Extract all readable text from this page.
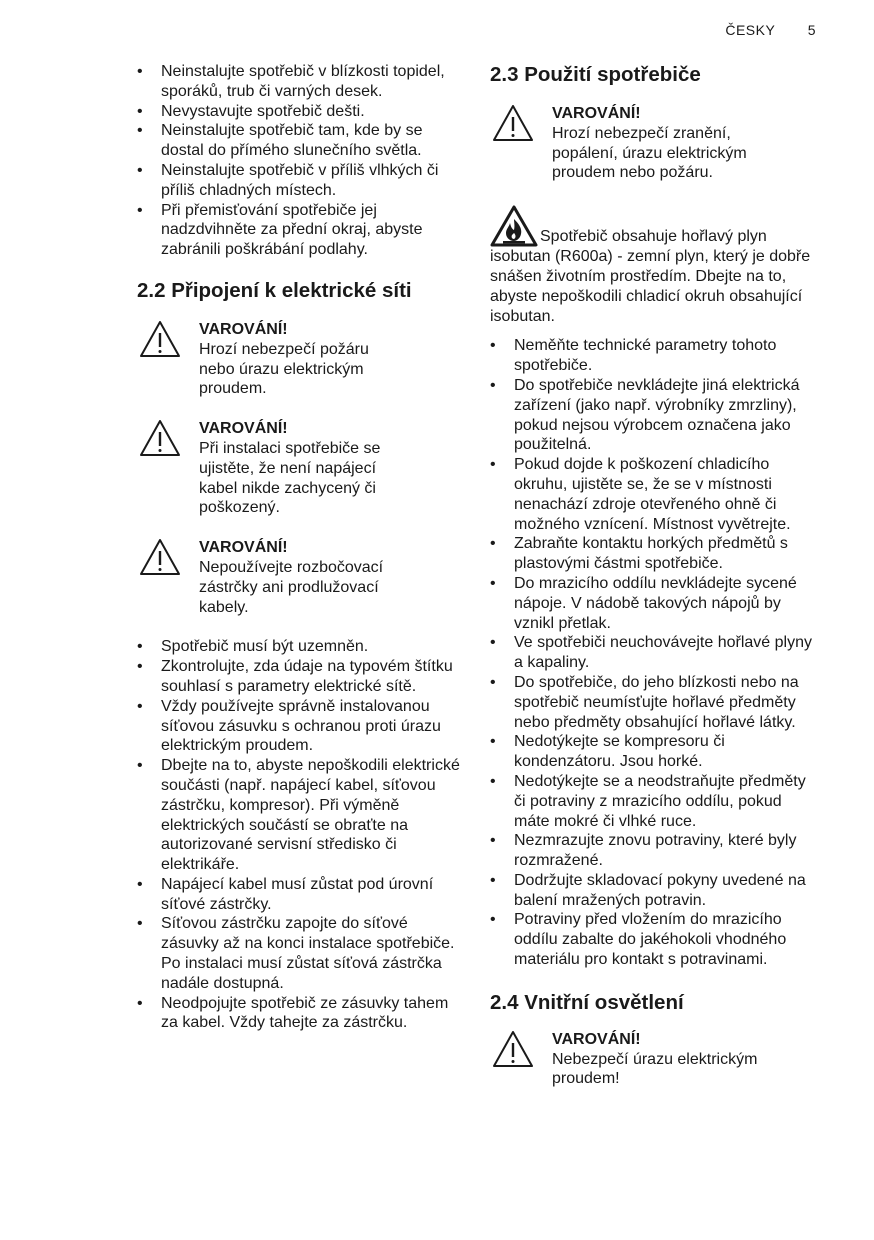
ČESKY 5
• Neinstalujte spotřebič v blízkosti topidel, sporáků, trub či varných desek.
• Nevystavujte spotřebič dešti.
• Neinstalujte spotřebič tam, kde by se dostal do přímého slunečního světla.
• Neinstalujte spotřebič v příliš vlhkých či příliš chladných místech.
• Při přemisťování spotřebiče jej nadzdvihněte za přední okraj, abyste zabránili poškrábání podlahy.
2.2 Připojení k elektrické síti
VAROVÁNÍ!
Hrozí nebezpečí požáru nebo úrazu elektrickým proudem.
VAROVÁNÍ!
Při instalaci spotřebiče se ujistěte, že není napájecí kabel nikde zachycený či poškozený.
VAROVÁNÍ!
Nepoužívejte rozbočovací zástrčky ani prodlužovací kabely.
• Spotřebič musí být uzemněn.
• Zkontrolujte, zda údaje na typovém štítku souhlasí s parametry elektrické sítě.
• Vždy používejte správně instalovanou síťovou zásuvku s ochranou proti úrazu elektrickým proudem.
• Dbejte na to, abyste nepoškodili elektrické součásti (např. napájecí kabel, síťovou zástrčku, kompresor). Při výměně elektrických součástí se obraťte na autorizované servisní středisko či elektrikáře.
• Napájecí kabel musí zůstat pod úrovní síťové zástrčky.
• Síťovou zástrčku zapojte do síťové zásuvky až na konci instalace spotřebiče. Po instalaci musí zůstat síťová zástrčka nadále dostupná.
• Neodpojujte spotřebič ze zásuvky tahem za kabel. Vždy tahejte za zástrčku.
2.3 Použití spotřebiče
VAROVÁNÍ!
Hrozí nebezpečí zranění, popálení, úrazu elektrickým proudem nebo požáru.
Spotřebič obsahuje hořlavý plyn isobutan (R600a) - zemní plyn, který je dobře snášen životním prostředím. Dbejte na to, abyste nepoškodili chladicí okruh obsahující isobutan.
• Neměňte technické parametry tohoto spotřebiče.
• Do spotřebiče nevkládejte jiná elektrická zařízení (jako např. výrobníky zmrzliny), pokud nejsou výrobcem označena jako použitelná.
• Pokud dojde k poškození chladicího okruhu, ujistěte se, že se v místnosti nenachází zdroje otevřeného ohně či možného vznícení. Místnost vyvětrejte.
• Zabraňte kontaktu horkých předmětů s plastovými částmi spotřebiče.
• Do mrazicího oddílu nevkládejte sycené nápoje. V nádobě takových nápojů by vznikl přetlak.
• Ve spotřebiči neuchovávejte hořlavé plyny a kapaliny.
• Do spotřebiče, do jeho blízkosti nebo na spotřebič neumísťujte hořlavé předměty nebo předměty obsahující hořlavé látky.
• Nedotýkejte se kompresoru či kondenzátoru. Jsou horké.
• Nedotýkejte se a neodstraňujte předměty či potraviny z mrazicího oddílu, pokud máte mokré či vlhké ruce.
• Nezmrazujte znovu potraviny, které byly rozmražené.
• Dodržujte skladovací pokyny uvedené na balení mražených potravin.
• Potraviny před vložením do mrazicího oddílu zabalte do jakéhokoli vhodného materiálu pro kontakt s potravinami.
2.4 Vnitřní osvětlení
VAROVÁNÍ!
Nebezpečí úrazu elektrickým proudem!
